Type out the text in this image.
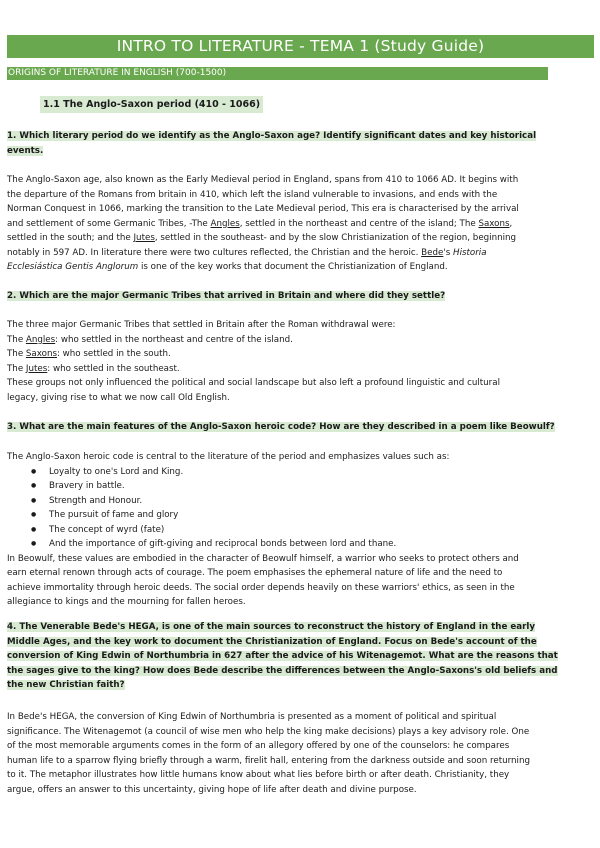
INTRO TO LITERATURE - TEMA 1 (Study Guide)
ORIGINS OF LITERATURE IN ENGLISH (700-1500)
1.1 The Anglo-Saxon period (410 - 1066)
1. Which literary period do we identify as the Anglo-Saxon age? Identify significant dates and key historical
events.
The Anglo-Saxon age, also known as the Early Medieval period in England, spans from 410 to 1066 AD. It begins with
the departure of the Romans from britain in 410, which left the island vulnerable to invasions, and ends with the
Norman Conquest in 1066, marking the transition to the Late Medieval period, This era is characterised by the arrival
and settlement of some Germanic Tribes, -The Angles, settled in the northeast and centre of the island; The Saxons,
settled in the south; and the Jutes, settled in the southeast- and by the slow Christianization of the region, beginning
notably in 597 AD. In literature there were two cultures reflected, the Christian and the heroic. Bede's Historia
Ecclesiástica Gentis Anglorum is one of the key works that document the Christianization of England.
2. Which are the major Germanic Tribes that arrived in Britain and where did they settle?
The three major Germanic Tribes that settled in Britain after the Roman withdrawal were:
The Angles: who settled in the northeast and centre of the island.
The Saxons: who settled in the south.
The Jutes: who settled in the southeast.
These groups not only influenced the political and social landscape but also left a profound linguistic and cultural
legacy, giving rise to what we now call Old English.
3. What are the main features of the Anglo-Saxon heroic code? How are they described in a poem like Beowulf?
The Anglo-Saxon heroic code is central to the literature of the period and emphasizes values such as:
● Loyalty to one's Lord and King.
● Bravery in battle.
● Strength and Honour.
● The pursuit of fame and glory
● The concept of wyrd (fate)
● And the importance of gift-giving and reciprocal bonds between lord and thane.
In Beowulf, these values are embodied in the character of Beowulf himself, a warrior who seeks to protect others and
earn eternal renown through acts of courage. The poem emphasises the ephemeral nature of life and the need to
achieve immortality through heroic deeds. The social order depends heavily on these warriors' ethics, as seen in the
allegiance to kings and the mourning for fallen heroes.
4. The Venerable Bede's HEGA, is one of the main sources to reconstruct the history of England in the early
Middle Ages, and the key work to document the Christianization of England. Focus on Bede's account of the
conversion of King Edwin of Northumbria in 627 after the advice of his Witenagemot. What are the reasons that
the sages give to the king? How does Bede describe the differences between the Anglo-Saxons's old beliefs and
the new Christian faith?
In Bede's HEGA, the conversion of King Edwin of Northumbria is presented as a moment of political and spiritual
significance. The Witenagemot (a council of wise men who help the king make decisions) plays a key advisory role. One
of the most memorable arguments comes in the form of an allegory offered by one of the counselors: he compares
human life to a sparrow flying briefly through a warm, firelit hall, entering from the darkness outside and soon returning
to it. The metaphor illustrates how little humans know about what lies before birth or after death. Christianity, they
argue, offers an answer to this uncertainty, giving hope of life after death and divine purpose.
